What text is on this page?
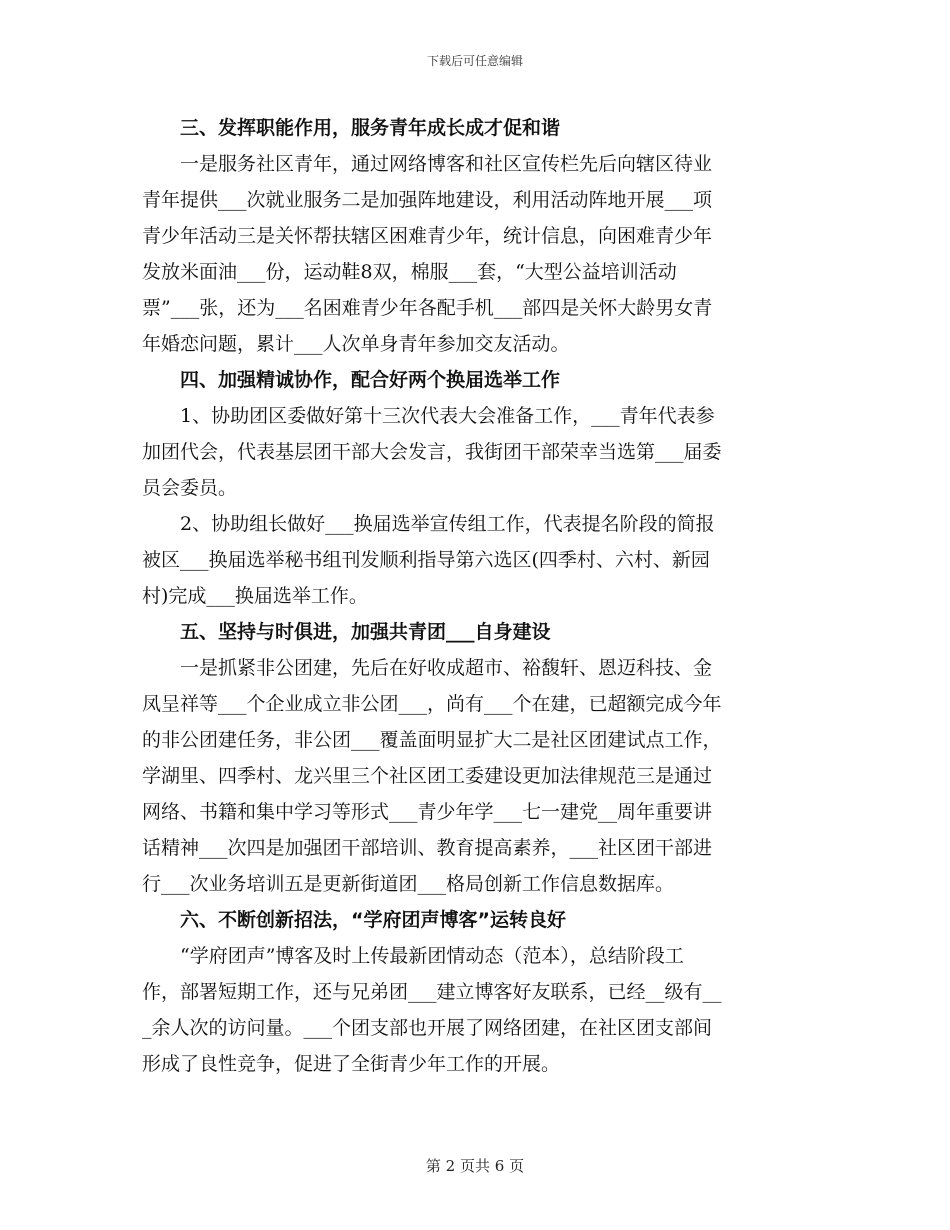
下载后可任意编辑
三、发挥职能作用，服务青年成长成才促和谐
一是服务社区青年，通过网络博客和社区宣传栏先后向辖区待业
青年提供___次就业服务二是加强阵地建设，利用活动阵地开展___项
青少年活动三是关怀帮扶辖区困难青少年，统计信息，向困难青少年
发放米面油___份，运动鞋8双，棉服___套，“大型公益培训活动
票”___张，还为___名困难青少年各配手机___部四是关怀大龄男女青
年婚恋问题，累计___人次单身青年参加交友活动。
四、加强精诚协作，配合好两个换届选举工作
1、协助团区委做好第十三次代表大会准备工作，___青年代表参
加团代会，代表基层团干部大会发言，我街团干部荣幸当选第___届委
员会委员。
2、协助组长做好___换届选举宣传组工作，代表提名阶段的简报
被区___换届选举秘书组刊发顺利指导第六选区(四季村、六村、新园
村)完成___换届选举工作。
五、坚持与时俱进，加强共青团___自身建设
一是抓紧非公团建，先后在好收成超市、裕馥轩、恩迈科技、金
凤呈祥等___个企业成立非公团___，尚有___个在建，已超额完成今年
的非公团建任务，非公团___覆盖面明显扩大二是社区团建试点工作，
学湖里、四季村、龙兴里三个社区团工委建设更加法律规范三是通过
网络、书籍和集中学习等形式___青少年学___七一建党__周年重要讲
话精神___次四是加强团干部培训、教育提高素养，___社区团干部进
行___次业务培训五是更新街道团___格局创新工作信息数据库。
六、不断创新招法，“学府团声博客”运转良好
“学府团声”博客及时上传最新团情动态（范本），总结阶段工
作，部署短期工作，还与兄弟团___建立博客好友联系，已经__级有__
_余人次的访问量。___个团支部也开展了网络团建，在社区团支部间
形成了良性竞争，促进了全街青少年工作的开展。
第 2 页共 6 页
